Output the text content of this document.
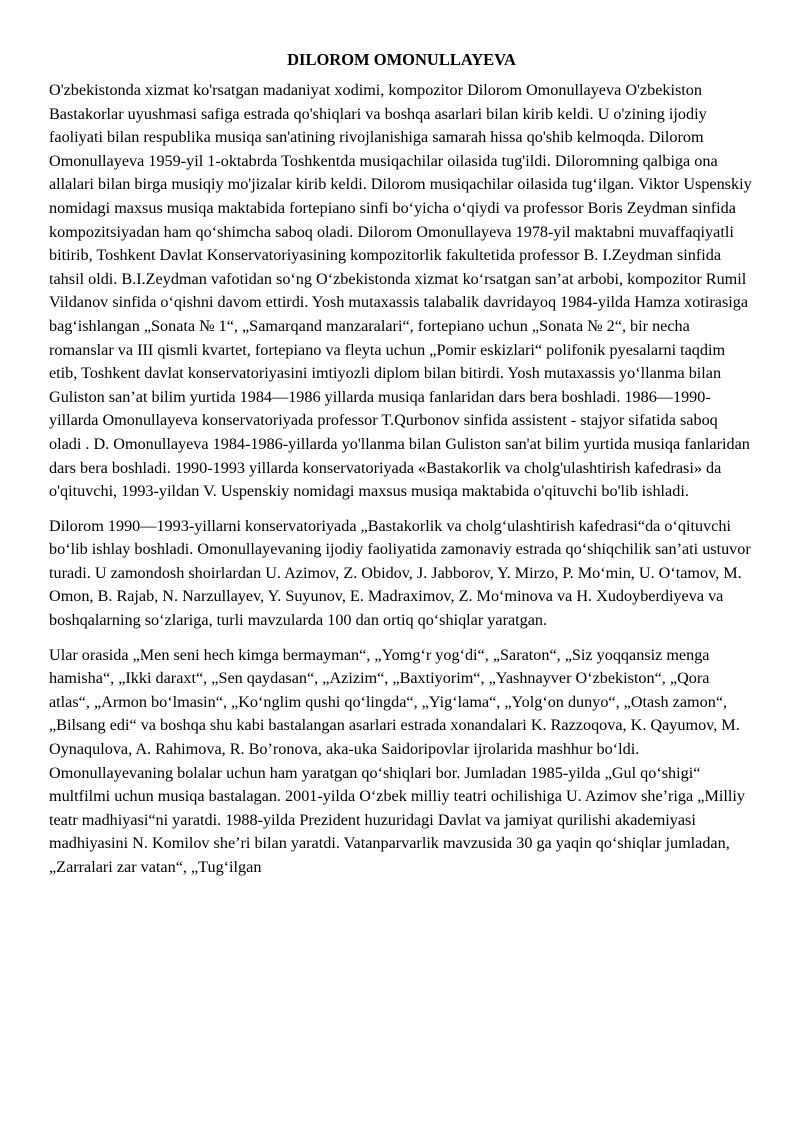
DILOROM OMONULLAYEVA

O'zbekistonda xizmat ko'rsatgan madaniyat xodimi, kompozitor Dilorom Omonullayeva O'zbekiston Bastakorlar uyushmasi safiga estrada qo'shiqlari va boshqa asarlari bilan kirib keldi. U o'zining ijodiy faoliyati bilan respublika musiqa san'atining rivojlanishiga samarah hissa qo'shib kelmoqda. Dilorom Omonullayeva 1959-yil 1-oktabrda Toshkentda musiqachilar oilasida tug'ildi. Diloromning qalbiga ona allalari bilan birga musiqiy mo'jizalar kirib keldi. Dilorom musiqachilar oilasida tug‘ilgan. Viktor Uspenskiy nomidagi maxsus musiqa maktabida fortepiano sinfi bo‘yicha o‘qiydi va professor Boris Zeydman sinfida kompozitsiyadan ham qo‘shimcha saboq oladi. Dilorom Omonullayeva 1978-yil maktabni muvaffaqiyatli bitirib, Toshkent Davlat Konservatoriyasining kompozitorlik fakultetida professor B. I.Zeydman sinfida tahsil oldi. B.I.Zeydman vafotidan so‘ng O‘zbekistonda xizmat ko‘rsatgan san’at arbobi, kompozitor Rumil Vildanov sinfida o‘qishni davom ettirdi. Yosh mutaxassis talabalik davridayoq 1984-yilda Hamza xotirasiga bag‘ishlangan „Sonata № 1“, „Samarqand manzaralari“, fortepiano uchun „Sonata № 2“, bir necha romanslar va III qismli kvartet, fortepiano va fleyta uchun „Pomir eskizlari“ polifonik pyesalarni taqdim etib, Toshkent davlat konservatoriyasini imtiyozli diplom bilan bitirdi. Yosh mutaxassis yo‘llanma bilan Guliston san’at bilim yurtida 1984—1986 yillarda musiqa fanlaridan dars bera boshladi. 1986—1990-yillarda Omonullayeva konservatoriyada professor T.Qurbonov sinfida assistent - stajyor sifatida saboq oladi . D. Omonullayeva 1984-1986-yillarda yo'llanma bilan Guliston san'at bilim yurtida musiqa fanlaridan dars bera boshladi. 1990-1993 yillarda konservatoriyada «Bastakorlik va cholg'ulashtirish kafedrasi» da o'qituvchi, 1993-yildan V. Uspenskiy nomidagi maxsus musiqa maktabida o'qituvchi bo'lib ishladi.

Dilorom 1990—1993-yillarni konservatoriyada „Bastakorlik va cholg‘ulashtirish kafedrasi“da o‘qituvchi bo‘lib ishlay boshladi. Omonullayevaning ijodiy faoliyatida zamonaviy estrada qo‘shiqchilik san’ati ustuvor turadi. U zamondosh shoirlardan U. Azimov, Z. Obidov, J. Jabborov, Y. Mirzo, P. Mo‘min, U. O‘tamov, M. Omon, B. Rajab, N. Narzullayev, Y. Suyunov, E. Madraximov, Z. Mo‘minova va H. Xudoyberdiyeva va boshqalarning so‘zlariga, turli mavzularda 100 dan ortiq qo‘shiqlar yaratgan.

Ular orasida „Men seni hech kimga bermayman“, „Yomg‘r yog‘di“, „Saraton“, „Siz yoqqansiz menga hamisha“, „Ikki daraxt“, „Sen qaydasan“, „Azizim“, „Baxtiyorim“, „Yashnayver O‘zbekiston“, „Qora atlas“, „Armon bo‘lmasin“, „Ko‘nglim qushi qo‘lingda“, „Yig‘lama“, „Yolg‘on dunyo“, „Otash zamon“, „Bilsang edi“ va boshqa shu kabi bastalangan asarlari estrada xonandalari K. Razzoqova, K. Qayumov, M. Oynaqulova, A. Rahimova, R. Bo’ronova, aka-uka Saidoripovlar ijrolarida mashhur bo‘ldi. Omonullayevaning bolalar uchun ham yaratgan qo‘shiqlari bor. Jumladan 1985-yilda „Gul qo‘shigi“ multfilmi uchun musiqa bastalagan. 2001-yilda O‘zbek milliy teatri ochilishiga U. Azimov she’riga „Milliy teatr madhiyasi“ni yaratdi. 1988-yilda Prezident huzuridagi Davlat va jamiyat qurilishi akademiyasi madhiyasini N. Komilov she’ri bilan yaratdi. Vatanparvarlik mavzusida 30 ga yaqin qo‘shiqlar jumladan, „Zarralari zar vatan“, „Tug‘ilgan
